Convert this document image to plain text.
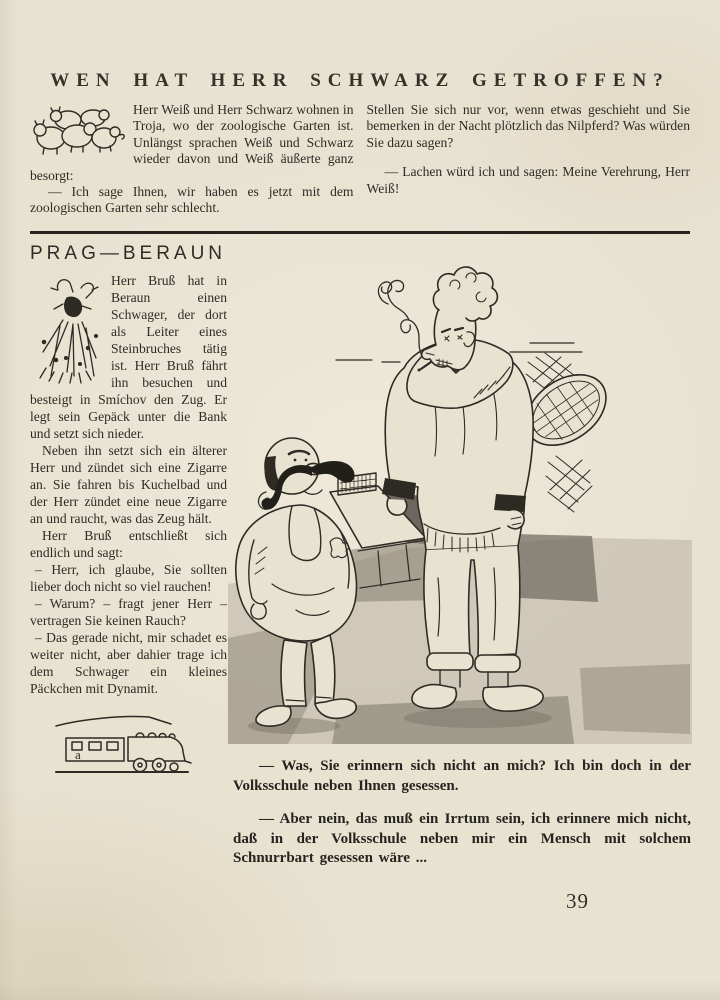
WEN HAT HERR SCHWARZ GETROFFEN?

Herr Weiß und Herr Schwarz wohnen in Troja, wo der zoologische Garten ist. Unlängst sprachen Weiß und Schwarz wieder davon und Weiß äußerte ganz besorgt:

— Ich sage Ihnen, wir haben es jetzt mit dem zoologischen Garten sehr schlecht.

Stellen Sie sich nur vor, wenn etwas geschieht und Sie bemerken in der Nacht plötzlich das Nilpferd? Was würden Sie dazu sagen?

— Lachen würd ich und sagen: Meine Verehrung, Herr Weiß!

PRAG—BERAUN

Herr Bruß hat in Beraun einen Schwager, der dort als Leiter eines Steinbruches tätig ist. Herr Bruß fährt ihn besuchen und besteigt in Smíchov den Zug. Er legt sein Gepäck unter die Bank und setzt sich nieder.

Neben ihn setzt sich ein älterer Herr und zündet sich eine Zigarre an. Sie fahren bis Kuchelbad und der Herr zündet eine neue Zigarre an und raucht, was das Zeug hält.

Herr Bruß entschließt sich endlich und sagt:

– Herr, ich glaube, Sie sollten lieber doch nicht so viel rauchen!

– Warum? – fragt jener Herr – vertragen Sie keinen Rauch?

– Das gerade nicht, mir schadet es weiter nicht, aber dahier trage ich dem Schwager ein kleines Päckchen mit Dynamit.

a

— Was, Sie erinnern sich nicht an mich? Ich bin doch in der Volksschule neben Ihnen gesessen.

— Aber nein, das muß ein Irrtum sein, ich erinnere mich nicht, daß in der Volksschule neben mir ein Mensch mit solchem Schnurrbart gesessen wäre ...

39
